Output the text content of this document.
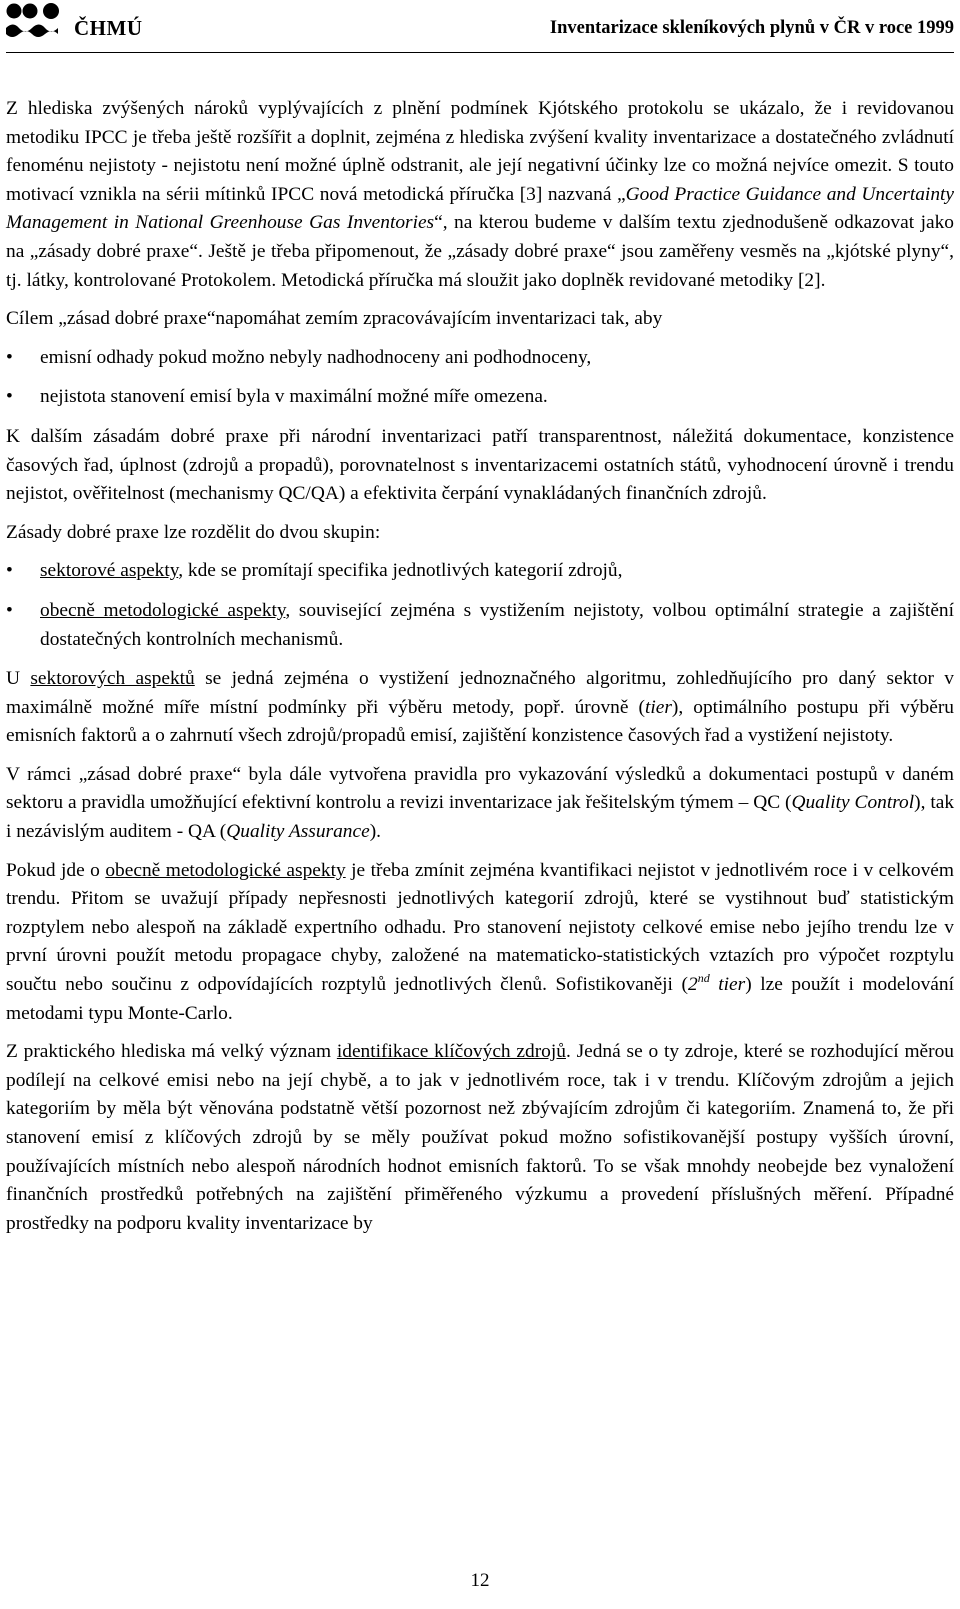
ČHMÚ	Inventarizace skleníkových plynů v ČR v roce 1999

Z hlediska zvýšených nároků vyplývajících z plnění podmínek Kjótského protokolu se ukázalo, že i revidovanou metodiku IPCC je třeba ještě rozšířit a doplnit, zejména z hlediska zvýšení kvality inventarizace a dostatečného zvládnutí fenoménu nejistoty - nejistotu není možné úplně odstranit, ale její negativní účinky lze co možná nejvíce omezit. S touto motivací vznikla na sérii mítinků IPCC nová metodická příručka [3] nazvaná „Good Practice Guidance and Uncertainty Management in National Greenhouse Gas Inventories“, na kterou budeme v dalším textu zjednodušeně odkazovat jako na „zásady dobré praxe“. Ještě je třeba připomenout, že „zásady dobré praxe“ jsou zaměřeny vesměs na „kjótské plyny“, tj. látky, kontrolované Protokolem. Metodická příručka má sloužit jako doplněk revidované metodiky [2].

Cílem „zásad dobré praxe“napomáhat zemím zpracovávajícím inventarizaci tak, aby

•	emisní odhady pokud možno nebyly nadhodnoceny ani podhodnoceny,
•	nejistota stanovení emisí byla v maximální možné míře omezena.

K dalším zásadám dobré praxe při národní inventarizaci patří transparentnost, náležitá dokumentace, konzistence časových řad, úplnost (zdrojů a propadů), porovnatelnost s inventarizacemi ostatních států, vyhodnocení úrovně i trendu nejistot, ověřitelnost (mechanismy QC/QA) a efektivita čerpání vynakládaných finančních zdrojů.

Zásady dobré praxe lze rozdělit do dvou skupin:

•	sektorové aspekty, kde se promítají specifika jednotlivých kategorií zdrojů,
•	obecně metodologické aspekty, související zejména s vystižením nejistoty, volbou optimální strategie a zajištění dostatečných kontrolních mechanismů.

U sektorových aspektů se jedná zejména o vystižení jednoznačného algoritmu, zohledňujícího pro daný sektor v maximálně možné míře místní podmínky při výběru metody, popř. úrovně (tier), optimálního postupu při výběru emisních faktorů a o zahrnutí všech zdrojů/propadů emisí, zajištění konzistence časových řad a vystižení nejistoty.

V rámci „zásad dobré praxe“ byla dále vytvořena pravidla pro vykazování výsledků a dokumentaci postupů v daném sektoru a pravidla umožňující efektivní kontrolu a revizi inventarizace jak řešitelským týmem – QC (Quality Control), tak i nezávislým auditem - QA (Quality Assurance).

Pokud jde o obecně metodologické aspekty je třeba zmínit zejména kvantifikaci nejistot v jednotlivém roce i v celkovém trendu. Přitom se uvažují případy nepřesnosti jednotlivých kategorií zdrojů, které se vystihnout buď statistickým rozptylem nebo alespoň na základě expertního odhadu. Pro stanovení nejistoty celkové emise nebo jejího trendu lze v první úrovni použít metodu propagace chyby, založené na matematicko-statistických vztazích pro výpočet rozptylu součtu nebo součinu z odpovídajících rozptylů jednotlivých členů. Sofistikovaněji (2nd tier) lze použít i modelování metodami typu Monte-Carlo.

Z praktického hlediska má velký význam identifikace klíčových zdrojů. Jedná se o ty zdroje, které se rozhodující měrou podílejí na celkové emisi nebo na její chybě, a to jak v jednotlivém roce, tak i v trendu. Klíčovým zdrojům a jejich kategoriím by měla být věnována podstatně větší pozornost než zbývajícím zdrojům či kategoriím. Znamená to, že při stanovení emisí z klíčových zdrojů by se měly používat pokud možno sofistikovanější postupy vyšších úrovní, používajících místních nebo alespoň národních hodnot emisních faktorů. To se však mnohdy neobejde bez vynaložení finančních prostředků potřebných na zajištění přiměřeného výzkumu a provedení příslušných měření. Případné prostředky na podporu kvality inventarizace by

12
